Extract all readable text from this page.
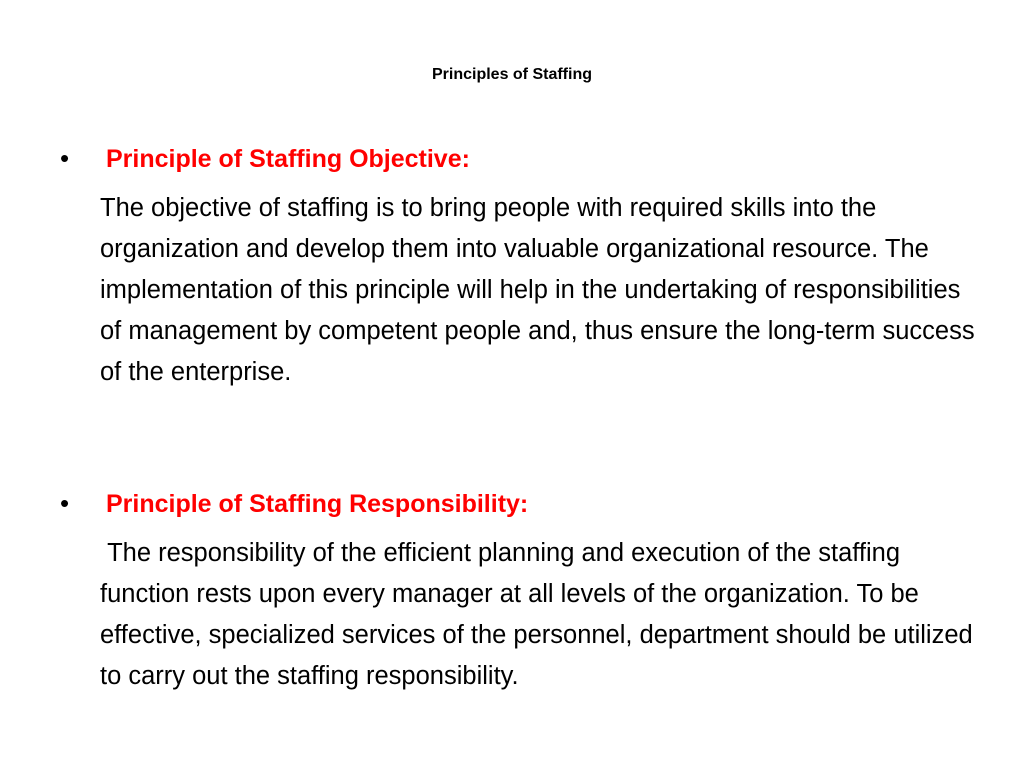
Principles of Staffing
•	Principle of Staffing Objective:
The objective of staffing is to bring people with required skills into the organization and develop them into valuable organizational resource. The implementation of this principle will help in the undertaking of responsibilities of management by competent people and, thus ensure the long-term success of the enterprise.
•	Principle of Staffing Responsibility:
The responsibility of the efficient planning and execution of the staffing function rests upon every manager at all levels of the organization. To be effective, specialized services of the personnel, department should be utilized to carry out the staffing responsibility.
